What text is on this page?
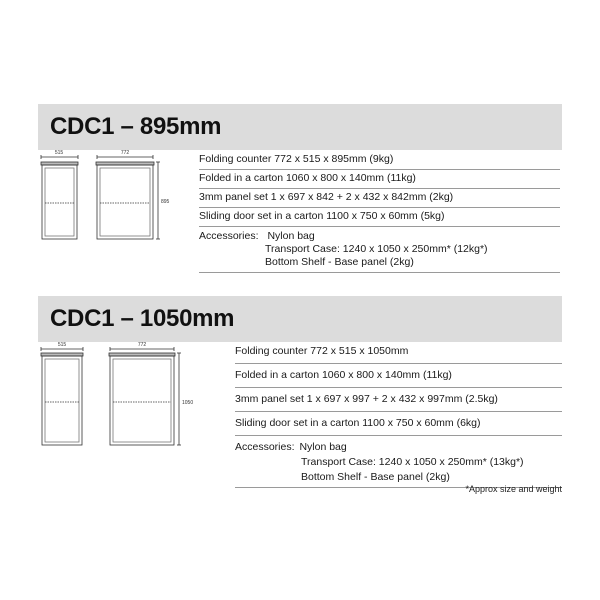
CDC1 – 895mm
515	772
895
Folding counter 772 x 515 x 895mm (9kg)
Folded in a carton 1060 x 800 x 140mm (11kg)
3mm panel set 1 x 697 x 842 + 2 x 432 x 842mm (2kg)
Sliding door set in a carton 1100 x 750 x 60mm (5kg)
Accessories: Nylon bag
Transport Case: 1240 x 1050 x 250mm* (12kg*)
Bottom Shelf - Base panel (2kg)
CDC1 – 1050mm
515	772
1050
Folding counter 772 x 515 x 1050mm
Folded in a carton 1060 x 800 x 140mm (11kg)
3mm panel set 1 x 697 x 997 + 2 x 432 x 997mm (2.5kg)
Sliding door set in a carton 1100 x 750 x 60mm (6kg)
Accessories: Nylon bag
Transport Case: 1240 x 1050 x 250mm* (13kg*)
Bottom Shelf - Base panel (2kg)
*Approx size and weight
